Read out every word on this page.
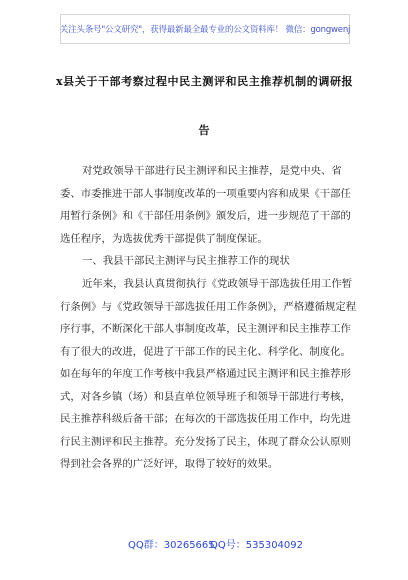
关注头条号"公文研究"，获得最新最全最专业的公文资料库！ 微信：gongwenj
x县关于干部考察过程中民主测评和民主推荐机制的调研报
告

对党政领导干部进行民主测评和民主推荐，是党中央、省委、市委推进干部人事制度改革的一项重要内容和成果《干部任用暂行条例》和《干部任用条例》颁发后，进一步规范了干部的选任程序，为选拔优秀干部提供了制度保证。

一、我县干部民主测评与民主推荐工作的现状

近年来，我县认真贯彻执行《党政领导干部选拔任用工作暂行条例》与《党政领导干部选拔任用工作条例》，严格遵循规定程序行事，不断深化干部人事制度改革，民主测评和民主推荐工作有了很大的改进，促进了干部工作的民主化、科学化、制度化。如在每年的年度工作考核中我县严格通过民主测评和民主推荐形式，对各乡镇（场）和县直单位领导班子和领导干部进行考核，民主推荐科级后备干部；在每次的干部选拔任用工作中，均先进行民主测评和民主推荐。充分发扬了民主，体现了群众公认原则得到社会各界的广泛好评，取得了较好的效果。

QQ群：30265665
QQ号：535304092
